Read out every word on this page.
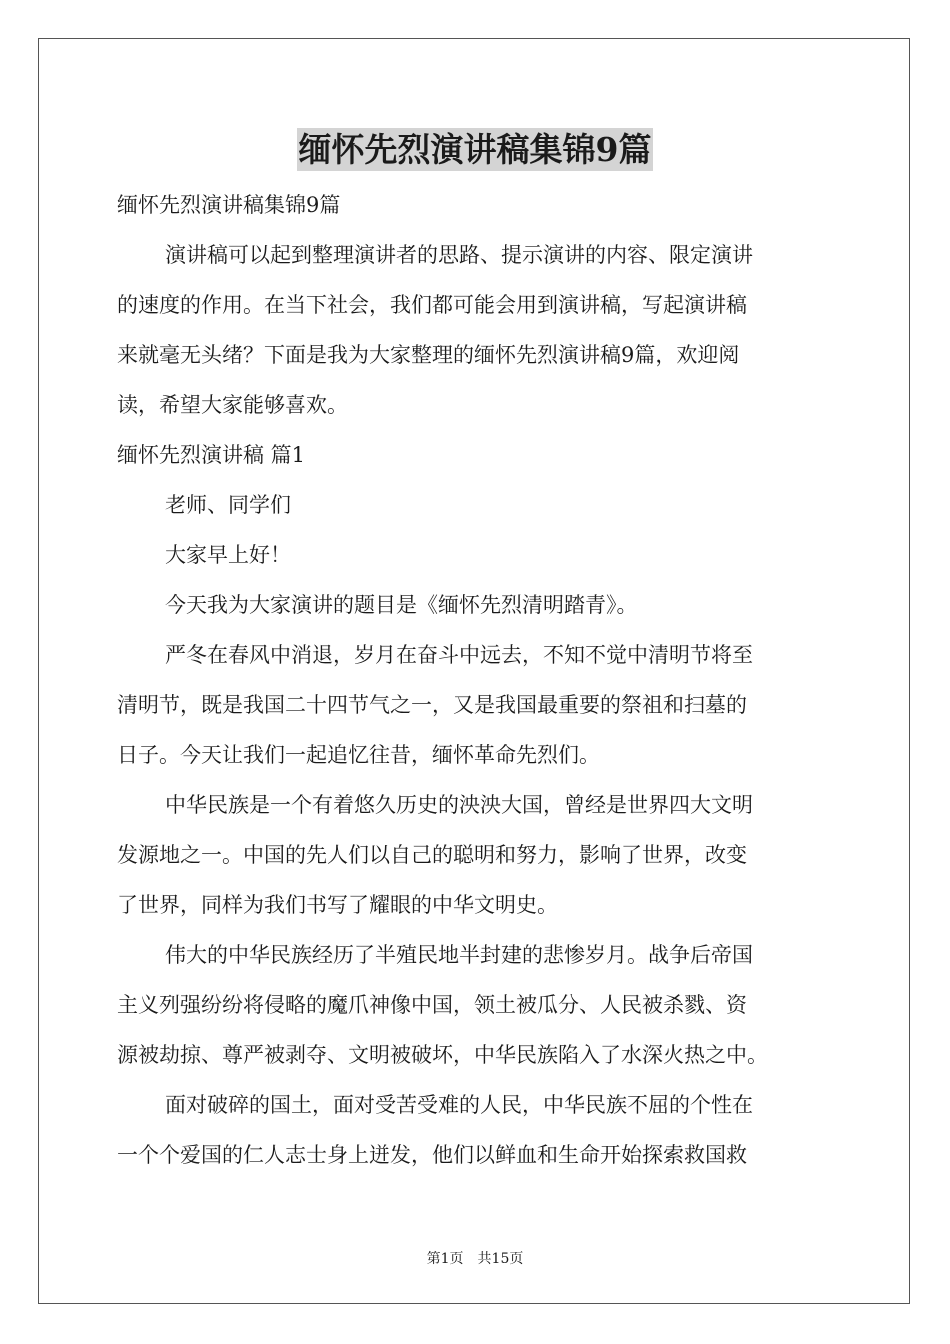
缅怀先烈演讲稿集锦9篇
缅怀先烈演讲稿集锦9篇
演讲稿可以起到整理演讲者的思路、提示演讲的内容、限定演讲
的速度的作用。在当下社会，我们都可能会用到演讲稿，写起演讲稿
来就毫无头绪？下面是我为大家整理的缅怀先烈演讲稿9篇，欢迎阅
读，希望大家能够喜欢。
缅怀先烈演讲稿 篇1
老师、同学们
大家早上好！
今天我为大家演讲的题目是《缅怀先烈清明踏青》。
严冬在春风中消退，岁月在奋斗中远去，不知不觉中清明节将至
清明节，既是我国二十四节气之一，又是我国最重要的祭祖和扫墓的
日子。今天让我们一起追忆往昔，缅怀革命先烈们。
中华民族是一个有着悠久历史的泱泱大国，曾经是世界四大文明
发源地之一。中国的先人们以自己的聪明和努力，影响了世界，改变
了世界，同样为我们书写了耀眼的中华文明史。
伟大的中华民族经历了半殖民地半封建的悲惨岁月。战争后帝国
主义列强纷纷将侵略的魔爪神像中国，领土被瓜分、人民被杀戮、资
源被劫掠、尊严被剥夺、文明被破坏，中华民族陷入了水深火热之中。
面对破碎的国土，面对受苦受难的人民，中华民族不屈的个性在
一个个爱国的仁人志士身上迸发，他们以鲜血和生命开始探索救国救
第1页　共15页
